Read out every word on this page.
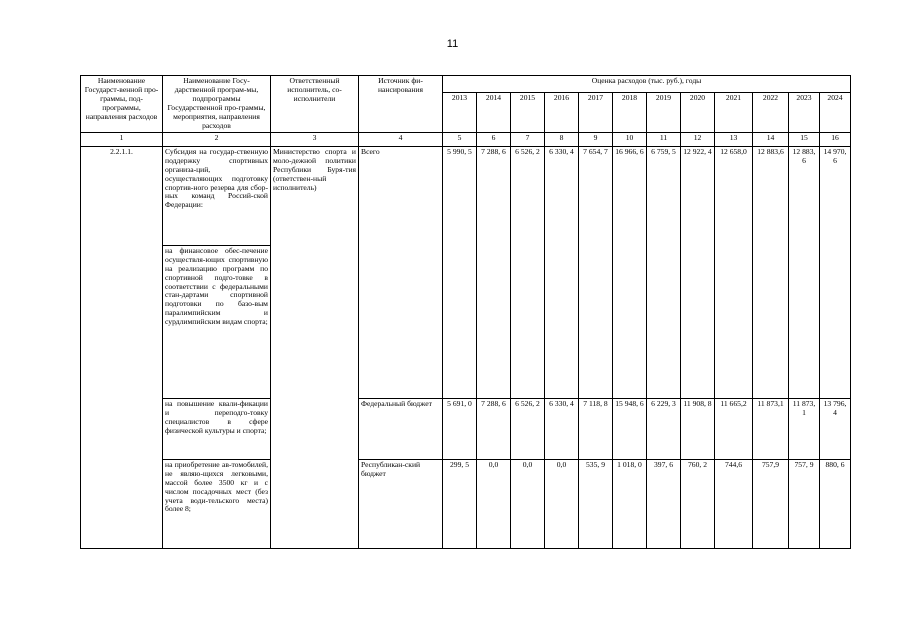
11
Наименование Государст-венной про-граммы, под-программы, направления расходов	Наименование Госу-дарственной програм-мы, подпрограммы Государственной про-граммы, мероприятия, направления расходов	Ответственный исполнитель, со-исполнители	Источник фи-нансирования	Оценка расходов (тыс. руб.), годы											
				2013	2014	2015	2016	2017	2018	2019	2020	2021	2022	2023	2024
1	2	3	4	5	6	7	8	9	10	11	12	13	14	15	16
2.2.1.1.	Субсидия на государ-ственную поддержку спортивных организа-ций, осуществляющих подготовку спортив-ного резерва для сбор-ных команд Россий-ской Федерации:	Министерство спорта и моло-дежной политики Республики Буря-тия (ответствен-ный исполнитель)	Всего	5 990, 5	7 288, 6	6 526, 2	6 330, 4	7 654, 7	16 966, 6	6 759, 5	12 922, 4	12 658,0	12 883,6	12 883, 6	14 970, 6
	на финансовое обес-печение осуществля-ющих спортивную на реализацию программ по спортивной подго-товке в соответствии с федеральными стан-дартами спортивной подготовки по базо-вым паралимпийским и сурдлимпийским видам спорта;														
	на повышение квали-фикации и переподго-товку специалистов в сфере физической культуры и спорта;		Федеральный бюджет	5 691, 0	7 288, 6	6 526, 2	6 330, 4	7 118, 8	15 948, 6	6 229, 3	11 908, 8	11 665,2	11 873,1	11 873, 1	13 796, 4
	на приобретение ав-томобилей, не являю-щихся легковыми, массой более 3500 кг и с числом посадочных мест (без учета води-тельского места) более 8;		Республикан-ский бюджет	299, 5	0,0	0,0	0,0	535, 9	1 018, 0	397, 6	760, 2	744,6	757,9	757, 9	880, 6
